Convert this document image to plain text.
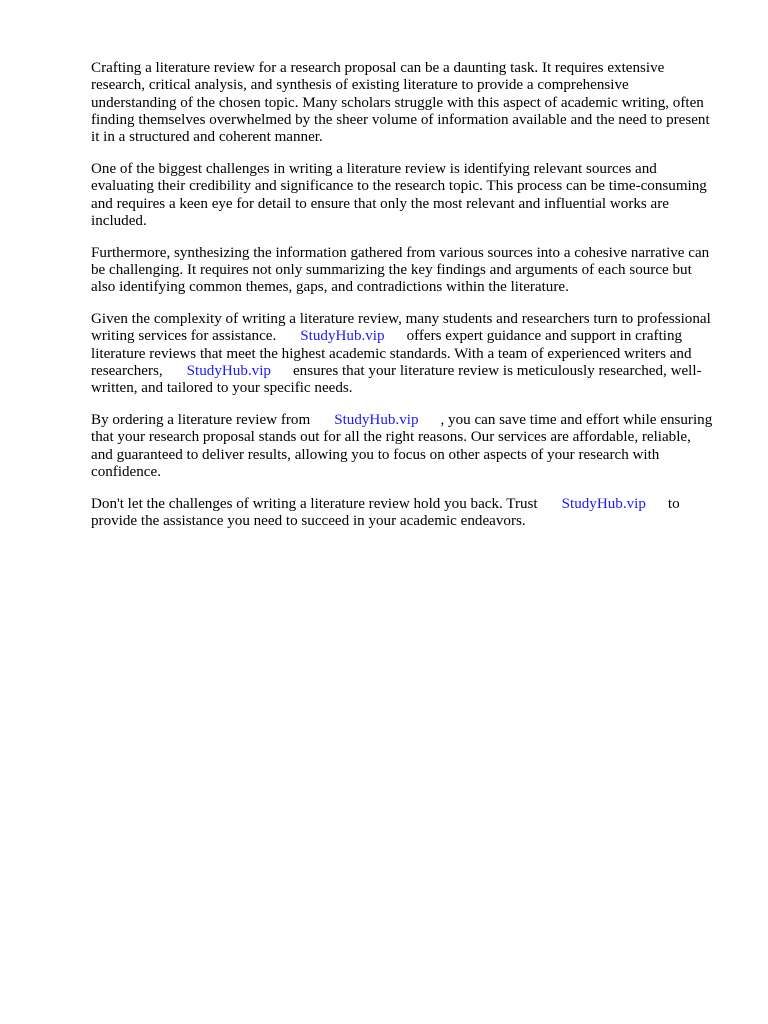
Crafting a literature review for a research proposal can be a daunting task. It requires extensive research, critical analysis, and synthesis of existing literature to provide a comprehensive understanding of the chosen topic. Many scholars struggle with this aspect of academic writing, often finding themselves overwhelmed by the sheer volume of information available and the need to present it in a structured and coherent manner.

One of the biggest challenges in writing a literature review is identifying relevant sources and evaluating their credibility and significance to the research topic. This process can be time-consuming and requires a keen eye for detail to ensure that only the most relevant and influential works are included.

Furthermore, synthesizing the information gathered from various sources into a cohesive narrative can be challenging. It requires not only summarizing the key findings and arguments of each source but also identifying common themes, gaps, and contradictions within the literature.

Given the complexity of writing a literature review, many students and researchers turn to professional writing services for assistance. StudyHub.vip offers expert guidance and support in crafting literature reviews that meet the highest academic standards. With a team of experienced writers and researchers, StudyHub.vip ensures that your literature review is meticulously researched, well-written, and tailored to your specific needs.

By ordering a literature review from StudyHub.vip , you can save time and effort while ensuring that your research proposal stands out for all the right reasons. Our services are affordable, reliable, and guaranteed to deliver results, allowing you to focus on other aspects of your research with confidence.

Don't let the challenges of writing a literature review hold you back. Trust StudyHub.vip to provide the assistance you need to succeed in your academic endeavors.
